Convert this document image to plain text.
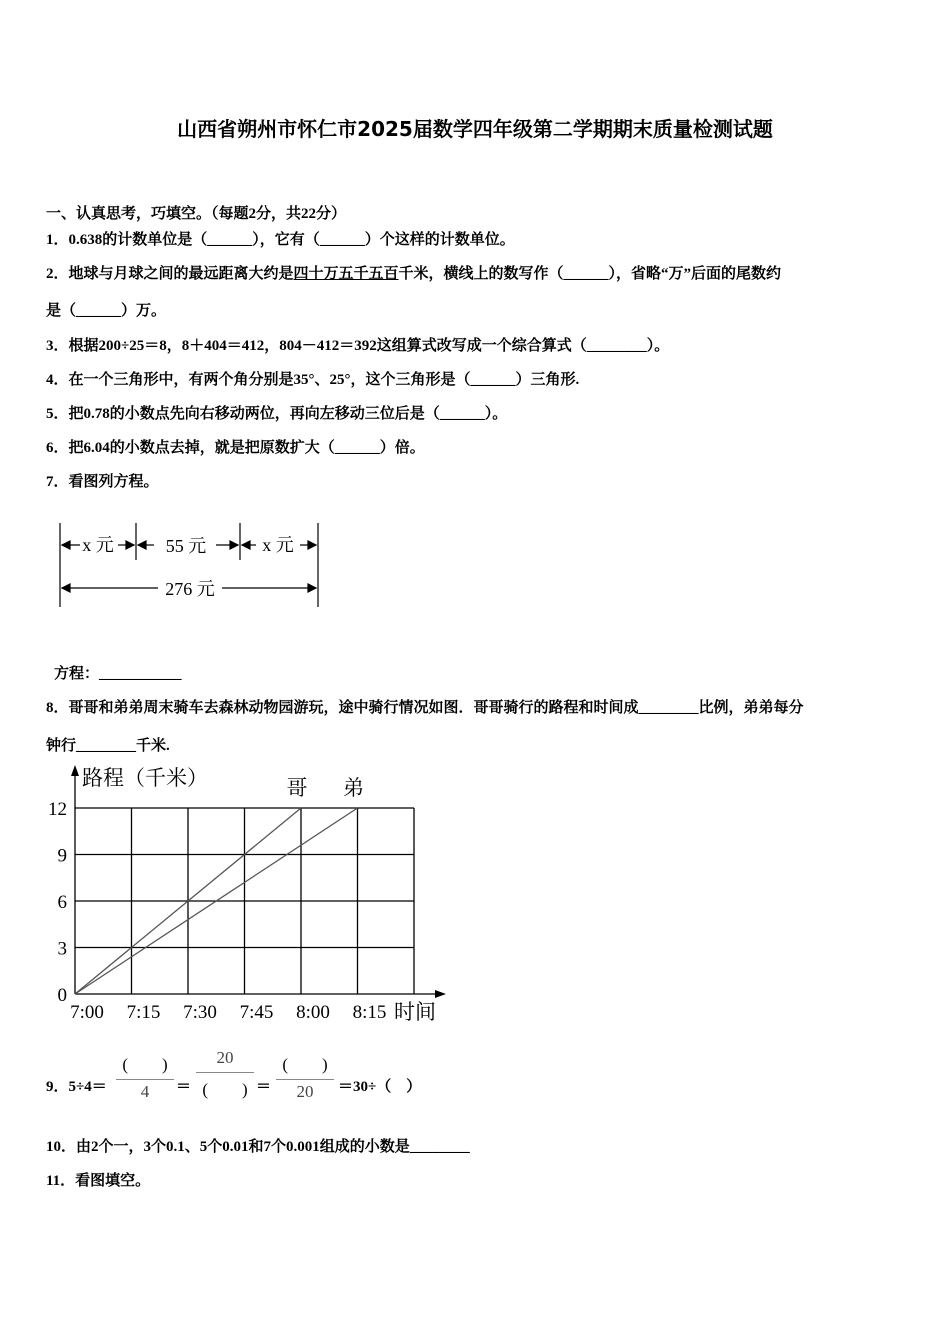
山西省朔州市怀仁市2025届数学四年级第二学期期末质量检测试题
一、认真思考，巧填空。（每题2分，共22分）
1．0.638的计数单位是（______），它有（______）个这样的计数单位。
2．地球与月球之间的最远距离大约是四十万五千五百千米，横线上的数写作（______），省略“万”后面的尾数约
是（______）万。
3．根据200÷25＝8，8＋404＝412，804－412＝392这组算式改写成一个综合算式（________）。
4．在一个三角形中，有两个角分别是35°、25°，这个三角形是（______）三角形.
5．把0.78的小数点先向右移动两位，再向左移动三位后是（______）。
6．把6.04的小数点去掉，就是把原数扩大（______）倍。
7．看图列方程。
x 元	55 元	x 元
276 元
方程：___________
8．哥哥和弟弟周末骑车去森林动物园游玩，途中骑行情况如图．哥哥骑行的路程和时间成________比例，弟弟每分
钟行________千米.
0
3
6
9
12
7:00 7:15 7:30 7:45 8:00 8:15
路程（千米）
时间
哥 弟
9．5÷4＝
(　　)
4	＝
20
(　　) ＝
(　　)
20	＝30÷（　）
10．由2个一，3个0.1、5个0.01和7个0.001组成的小数是________
11．看图填空。
